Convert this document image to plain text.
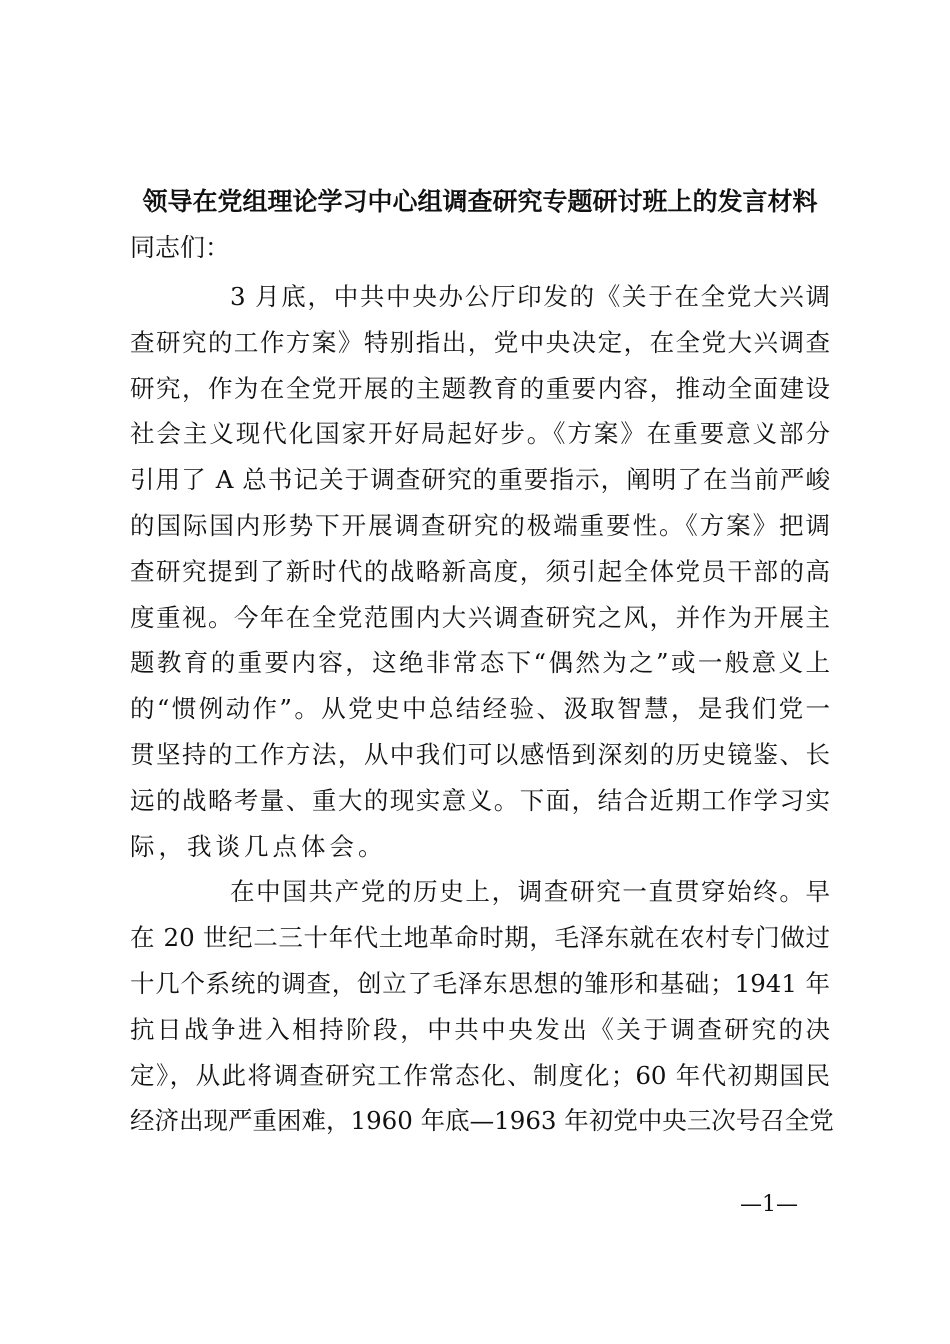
领导在党组理论学习中心组调查研究专题研讨班上的发言材料
同志们：
3 月底，中共中央办公厅印发的《关于在全党大兴调
查研究的工作方案》特别指出，党中央决定，在全党大兴调查
研究，作为在全党开展的主题教育的重要内容，推动全面建设
社会主义现代化国家开好局起好步。《方案》在重要意义部分
引用了 A 总书记关于调查研究的重要指示，阐明了在当前严峻
的国际国内形势下开展调查研究的极端重要性。《方案》把调
查研究提到了新时代的战略新高度，须引起全体党员干部的高
度重视。今年在全党范围内大兴调查研究之风，并作为开展主
题教育的重要内容，这绝非常态下“偶然为之”或一般意义上
的“惯例动作”。从党史中总结经验、汲取智慧，是我们党一
贯坚持的工作方法，从中我们可以感悟到深刻的历史镜鉴、长
远的战略考量、重大的现实意义。下面，结合近期工作学习实
际，我谈几点体会。
在中国共产党的历史上，调查研究一直贯穿始终。早
在 20 世纪二三十年代土地革命时期，毛泽东就在农村专门做过
十几个系统的调查，创立了毛泽东思想的雏形和基础；1941 年
抗日战争进入相持阶段，中共中央发出《关于调查研究的决
定》，从此将调查研究工作常态化、制度化；60 年代初期国民
经济出现严重困难，1960 年底—1963 年初党中央三次号召全党
—1—
